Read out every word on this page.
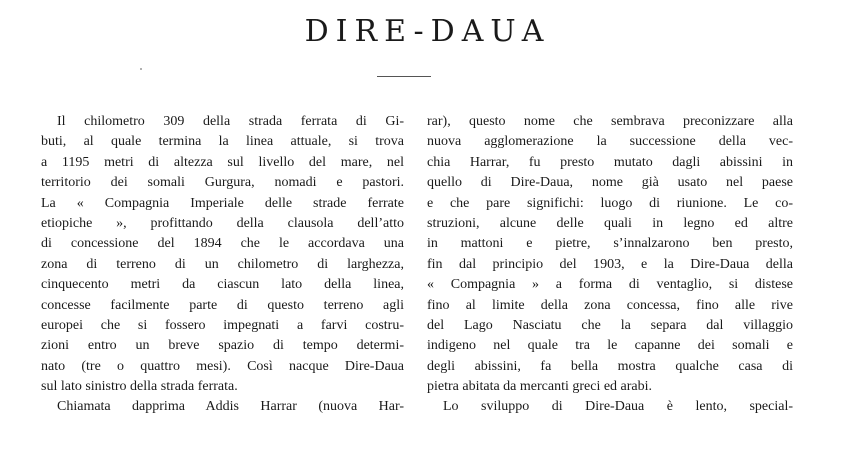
DIRE-DAUA
Il chilometro 309 della strada ferrata di Gi-
buti, al quale termina la linea attuale, si trova
a 1195 metri di altezza sul livello del mare, nel
territorio dei somali Gurgura, nomadi e pastori.
La « Compagnia Imperiale delle strade ferrate
etiopiche », profittando della clausola dell’atto
di concessione del 1894 che le accordava una
zona di terreno di un chilometro di larghezza,
cinquecento metri da ciascun lato della linea,
concesse facilmente parte di questo terreno agli
europei che si fossero impegnati a farvi costru-
zioni entro un breve spazio di tempo determi-
nato (tre o quattro mesi). Così nacque Dire-Daua
sul lato sinistro della strada ferrata.
Chiamata dapprima Addis Harrar (nuova Har-
rar), questo nome che sembrava preconizzare alla
nuova agglomerazione la successione della vec-
chia Harrar, fu presto mutato dagli abissini in
quello di Dire-Daua, nome già usato nel paese
e che pare significhi: luogo di riunione. Le co-
struzioni, alcune delle quali in legno ed altre
in mattoni e pietre, s’innalzarono ben presto,
fin dal principio del 1903, e la Dire-Daua della
« Compagnia » a forma di ventaglio, si distese
fino al limite della zona concessa, fino alle rive
del Lago Nasciatu che la separa dal villaggio
indigeno nel quale tra le capanne dei somali e
degli abissini, fa bella mostra qualche casa di
pietra abitata da mercanti greci ed arabi.
Lo sviluppo di Dire-Daua è lento, special-
